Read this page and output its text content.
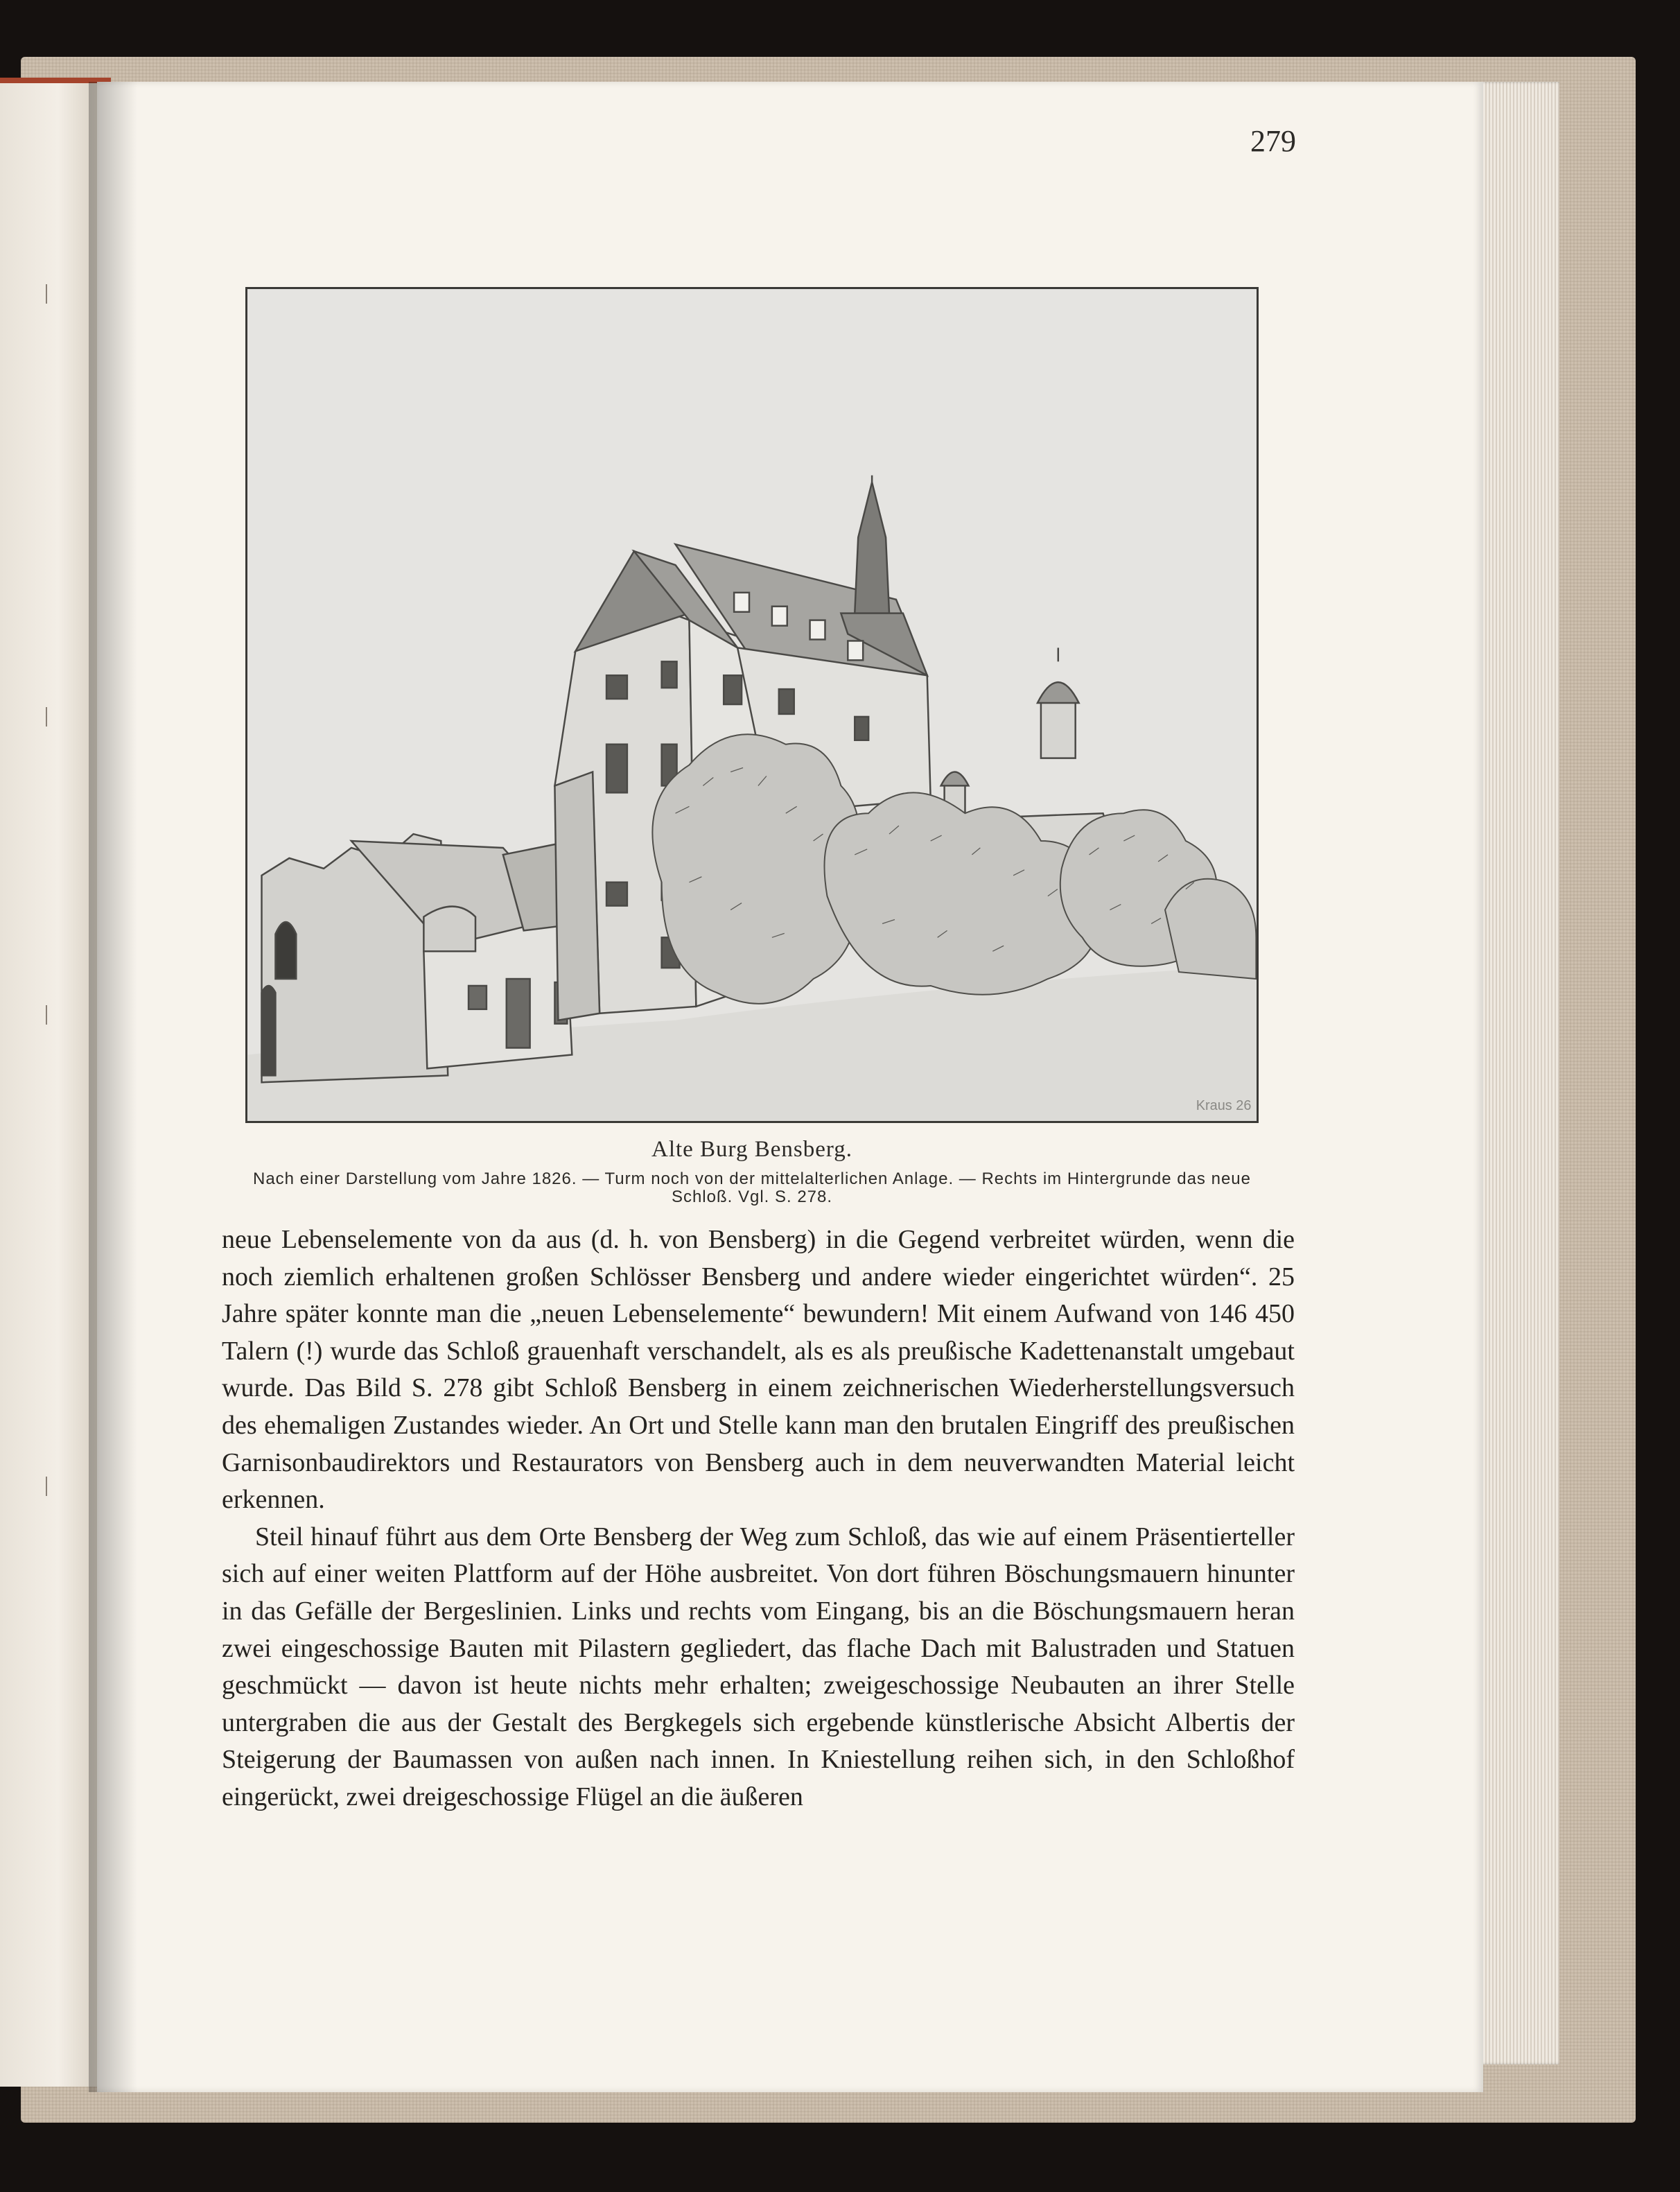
279
Kraus 26
Alte Burg Bensberg.
Nach einer Darstellung vom Jahre 1826. — Turm noch von der mittelalterlichen Anlage. — Rechts im Hintergrunde das neue Schloß. Vgl. S. 278.

neue Lebenselemente von da aus (d. h. von Bensberg) in die Gegend verbreitet würden, wenn die noch ziemlich erhaltenen großen Schlösser Bensberg und andere wieder eingerichtet würden“. 25 Jahre später konnte man die „neuen Lebenselemente“ bewundern! Mit einem Aufwand von 146 450 Talern (!) wurde das Schloß grauenhaft verschandelt, als es als preußische Kadettenanstalt umgebaut wurde. Das Bild S. 278 gibt Schloß Bensberg in einem zeichnerischen Wiederherstellungsversuch des ehemaligen Zustandes wieder. An Ort und Stelle kann man den brutalen Eingriff des preußischen Garnisonbaudirektors und Restaurators von Bensberg auch in dem neuverwandten Material leicht erkennen.

Steil hinauf führt aus dem Orte Bensberg der Weg zum Schloß, das wie auf einem Präsentierteller sich auf einer weiten Plattform auf der Höhe ausbreitet. Von dort führen Böschungsmauern hinunter in das Gefälle der Bergeslinien. Links und rechts vom Eingang, bis an die Böschungsmauern heran zwei eingeschossige Bauten mit Pilastern gegliedert, das flache Dach mit Balustraden und Statuen geschmückt — davon ist heute nichts mehr erhalten; zweigeschossige Neubauten an ihrer Stelle untergraben die aus der Gestalt des Bergkegels sich ergebende künstlerische Absicht Albertis der Steigerung der Baumassen von außen nach innen. In Kniestellung reihen sich, in den Schloßhof eingerückt, zwei dreigeschossige Flügel an die äußeren
